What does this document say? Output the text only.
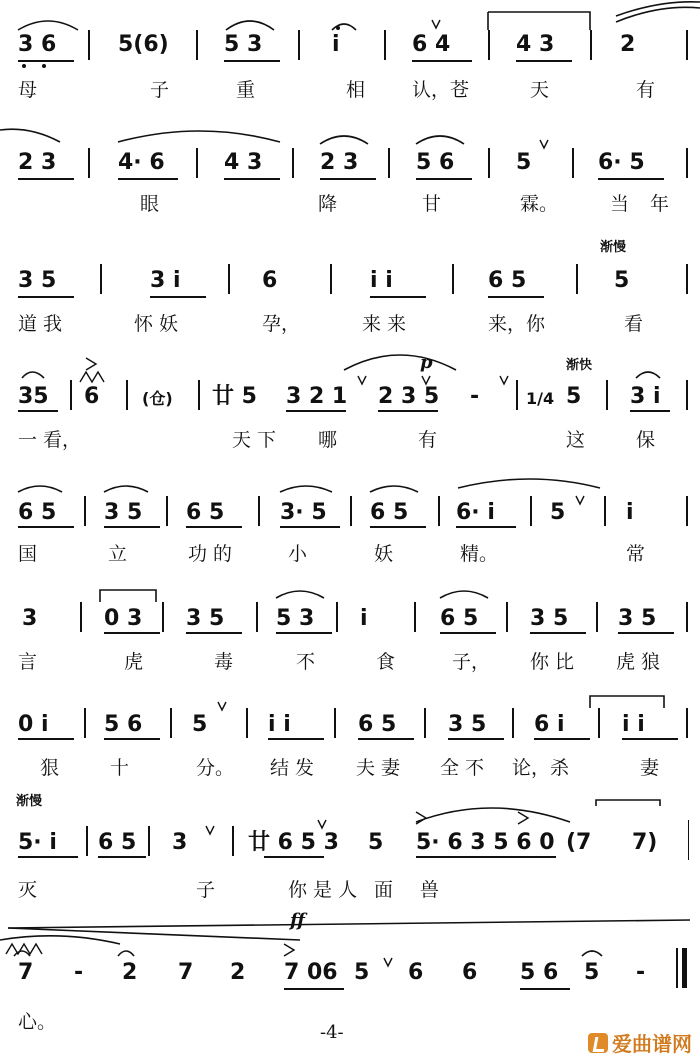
3 6	5(6)	5 3	i	6 4	4 3	2
母	子	重	相 认，苍	天	有
2 3	4· 6	4 3	2 3	5 6	5	6· 5
眼	降	甘	霖。	当 年
渐慢
3 5	3 i	6	i i	6 5	5
道 我	怀 妖	孕，	来 来	来，你	看
渐快
p
35 6	(仓) 廿 5 3 2 1 2 3 5 -	1/4 5 3 i
一 看，	天 下 哪	有	这	保
6 5 3 5 6 5	3· 5 6 5 6· i	5	i
国	立	功 的	小	妖	精。	常
3	0 3 3 5 5 3 i	6 5 3 5 3 5
言	虎	毒	不	食	子， 你 比 虎 狼
0 i	5 6 5	i i	6 5 3 5 6 i	i i
狠	十	分。 结 发 夫 妻 全 不 论，杀	妻
渐慢
5· i 6 5 3	廿 6 5 3 5 5· 6 3 5 6 0 (7 7)
灭	子	你 是 人 面 兽
ff
7 - 2 7 2 7 06 5 6 6 5 6 5 -
心。	-4-	爱曲谱网
